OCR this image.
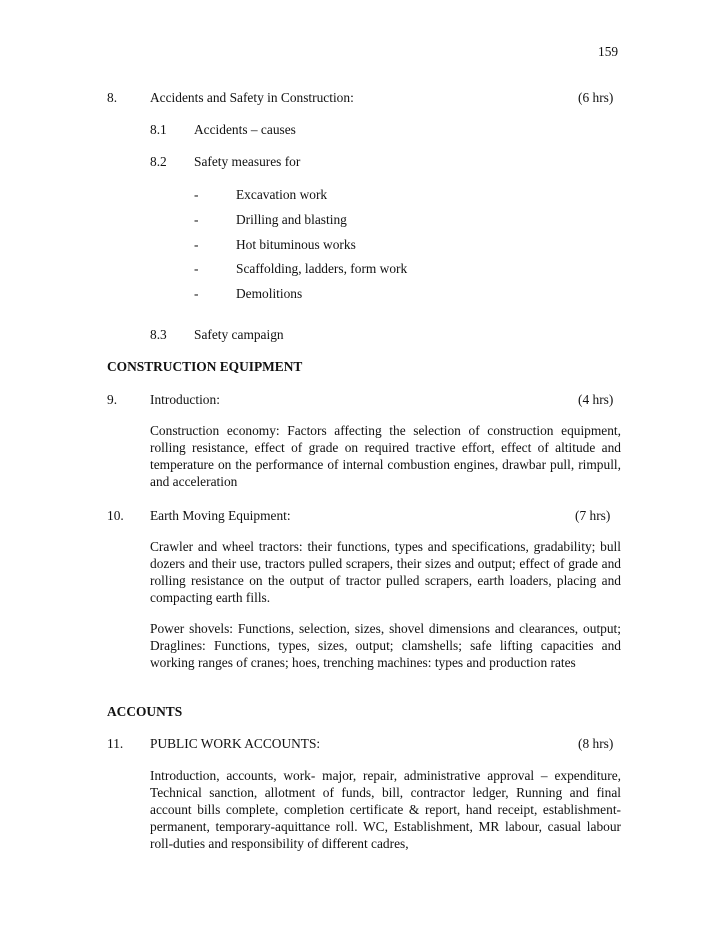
159
8. Accidents and Safety in Construction:	(6 hrs)
8.1 Accidents – causes
8.2 Safety measures for
-	Excavation work
-	Drilling and blasting
-	Hot bituminous works
-	Scaffolding, ladders, form work
-	Demolitions
8.3 Safety campaign
CONSTRUCTION EQUIPMENT
9. Introduction:	(4 hrs)

Construction economy: Factors affecting the selection of construction equipment, rolling resistance, effect of grade on required tractive effort, effect of altitude and temperature on the performance of internal combustion engines, drawbar pull, rimpull, and acceleration

10. Earth Moving Equipment:	(7 hrs)

Crawler and wheel tractors: their functions, types and specifications, gradability; bull dozers and their use, tractors pulled scrapers, their sizes and output; effect of grade and rolling resistance on the output of tractor pulled scrapers, earth loaders, placing and compacting earth fills.

Power shovels: Functions, selection, sizes, shovel dimensions and clearances, output; Draglines: Functions, types, sizes, output; clamshells; safe lifting capacities and working ranges of cranes; hoes, trenching machines: types and production rates

ACCOUNTS
11. PUBLIC WORK ACCOUNTS:	(8 hrs)

Introduction, accounts, work- major, repair, administrative approval – expenditure, Technical sanction, allotment of funds, bill, contractor ledger, Running and final account bills complete, completion certificate & report, hand receipt, establishment-permanent, temporary-aquittance roll. WC, Establishment, MR labour, casual labour roll-duties and responsibility of different cadres,
